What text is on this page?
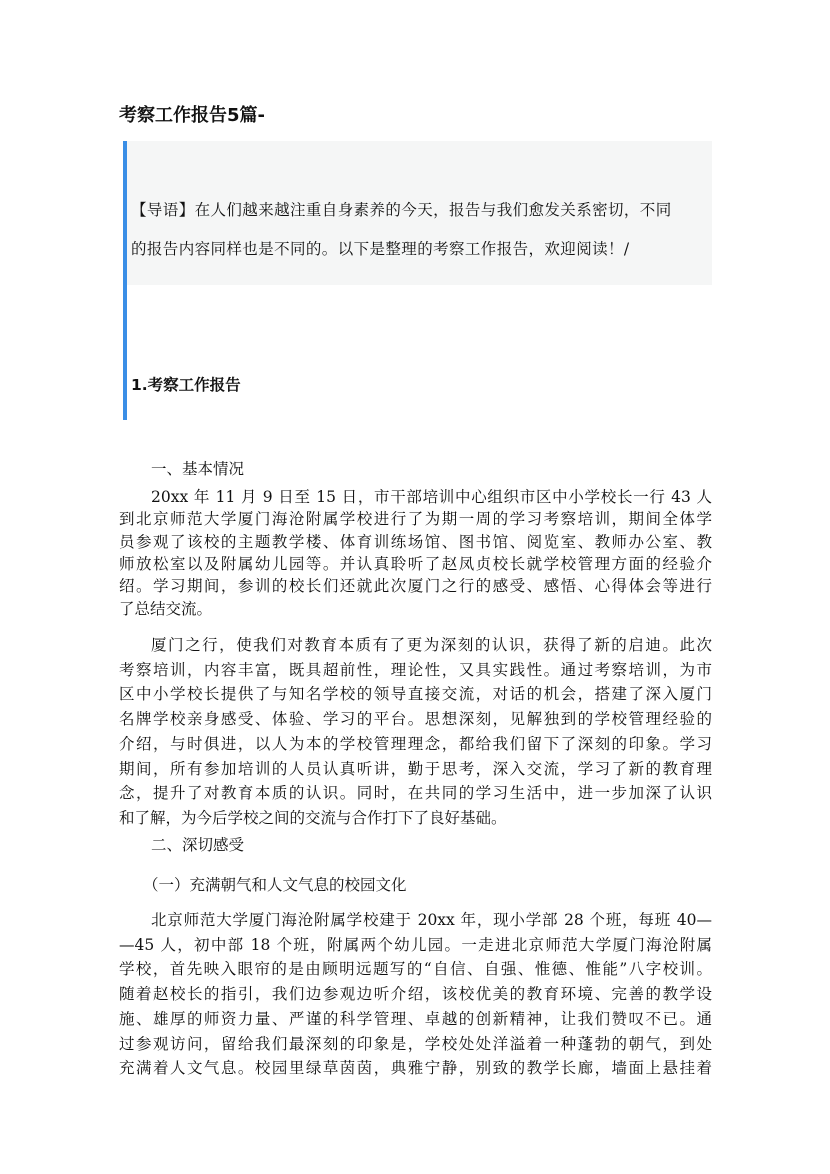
考察工作报告5篇-
【导语】在人们越来越注重自身素养的今天，报告与我们愈发关系密切，不同
的报告内容同样也是不同的。以下是整理的考察工作报告，欢迎阅读！/
1.考察工作报告
一、基本情况
20xx 年 11 月 9 日至 15 日，市干部培训中心组织市区中小学校长一行 43 人
到北京师范大学厦门海沧附属学校进行了为期一周的学习考察培训，期间全体学
员参观了该校的主题教学楼、体育训练场馆、图书馆、阅览室、教师办公室、教
师放松室以及附属幼儿园等。并认真聆听了赵凤贞校长就学校管理方面的经验介
绍。学习期间，参训的校长们还就此次厦门之行的感受、感悟、心得体会等进行
了总结交流。
厦门之行，使我们对教育本质有了更为深刻的认识，获得了新的启迪。此次
考察培训，内容丰富，既具超前性，理论性，又具实践性。通过考察培训，为市
区中小学校长提供了与知名学校的领导直接交流，对话的机会，搭建了深入厦门
名牌学校亲身感受、体验、学习的平台。思想深刻，见解独到的学校管理经验的
介绍，与时俱进，以人为本的学校管理理念，都给我们留下了深刻的印象。学习
期间，所有参加培训的人员认真听讲，勤于思考，深入交流，学习了新的教育理
念，提升了对教育本质的认识。同时，在共同的学习生活中，进一步加深了认识
和了解，为今后学校之间的交流与合作打下了良好基础。
二、深切感受
（一）充满朝气和人文气息的校园文化
北京师范大学厦门海沧附属学校建于 20xx 年，现小学部 28 个班，每班 40—
—45 人，初中部 18 个班，附属两个幼儿园。一走进北京师范大学厦门海沧附属
学校，首先映入眼帘的是由顾明远题写的“自信、自强、惟德、惟能”八字校训。
随着赵校长的指引，我们边参观边听介绍，该校优美的教育环境、完善的教学设
施、雄厚的师资力量、严谨的科学管理、卓越的创新精神，让我们赞叹不已。通
过参观访问，留给我们最深刻的印象是，学校处处洋溢着一种蓬勃的朝气，到处
充满着人文气息。校园里绿草茵茵，典雅宁静，别致的教学长廊，墙面上悬挂着
